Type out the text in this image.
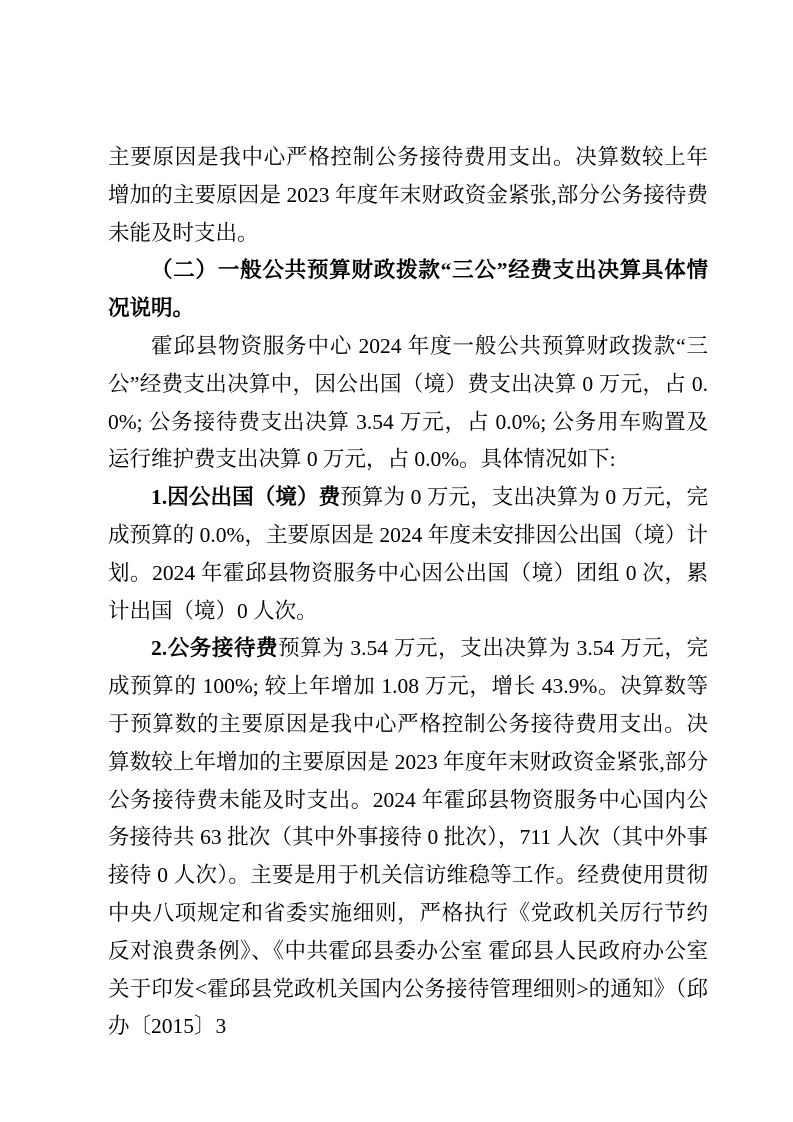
主要原因是我中心严格控制公务接待费用支出。决算数较上年增加的主要原因是 2023 年度年末财政资金紧张,部分公务接待费未能及时支出。

（二）一般公共预算财政拨款“三公”经费支出决算具体情况说明。

霍邱县物资服务中心 2024 年度一般公共预算财政拨款“三公”经费支出决算中，因公出国（境）费支出决算 0 万元，占 0.0%; 公务接待费支出决算 3.54 万元，占 0.0%; 公务用车购置及运行维护费支出决算 0 万元，占 0.0%。具体情况如下:

1.因公出国（境）费预算为 0 万元，支出决算为 0 万元，完成预算的 0.0%，主要原因是 2024 年度未安排因公出国（境）计划。2024 年霍邱县物资服务中心因公出国（境）团组 0 次，累计出国（境）0 人次。

2.公务接待费预算为 3.54 万元，支出决算为 3.54 万元，完成预算的 100%; 较上年增加 1.08 万元，增长 43.9%。决算数等于预算数的主要原因是我中心严格控制公务接待费用支出。决算数较上年增加的主要原因是 2023 年度年末财政资金紧张,部分公务接待费未能及时支出。2024 年霍邱县物资服务中心国内公务接待共 63 批次（其中外事接待 0 批次），711 人次（其中外事接待 0 人次）。主要是用于机关信访维稳等工作。经费使用贯彻中央八项规定和省委实施细则，严格执行《党政机关厉行节约反对浪费条例》、《中共霍邱县委办公室 霍邱县人民政府办公室关于印发<霍邱县党政机关国内公务接待管理细则>的通知》（邱办〔2015〕3
